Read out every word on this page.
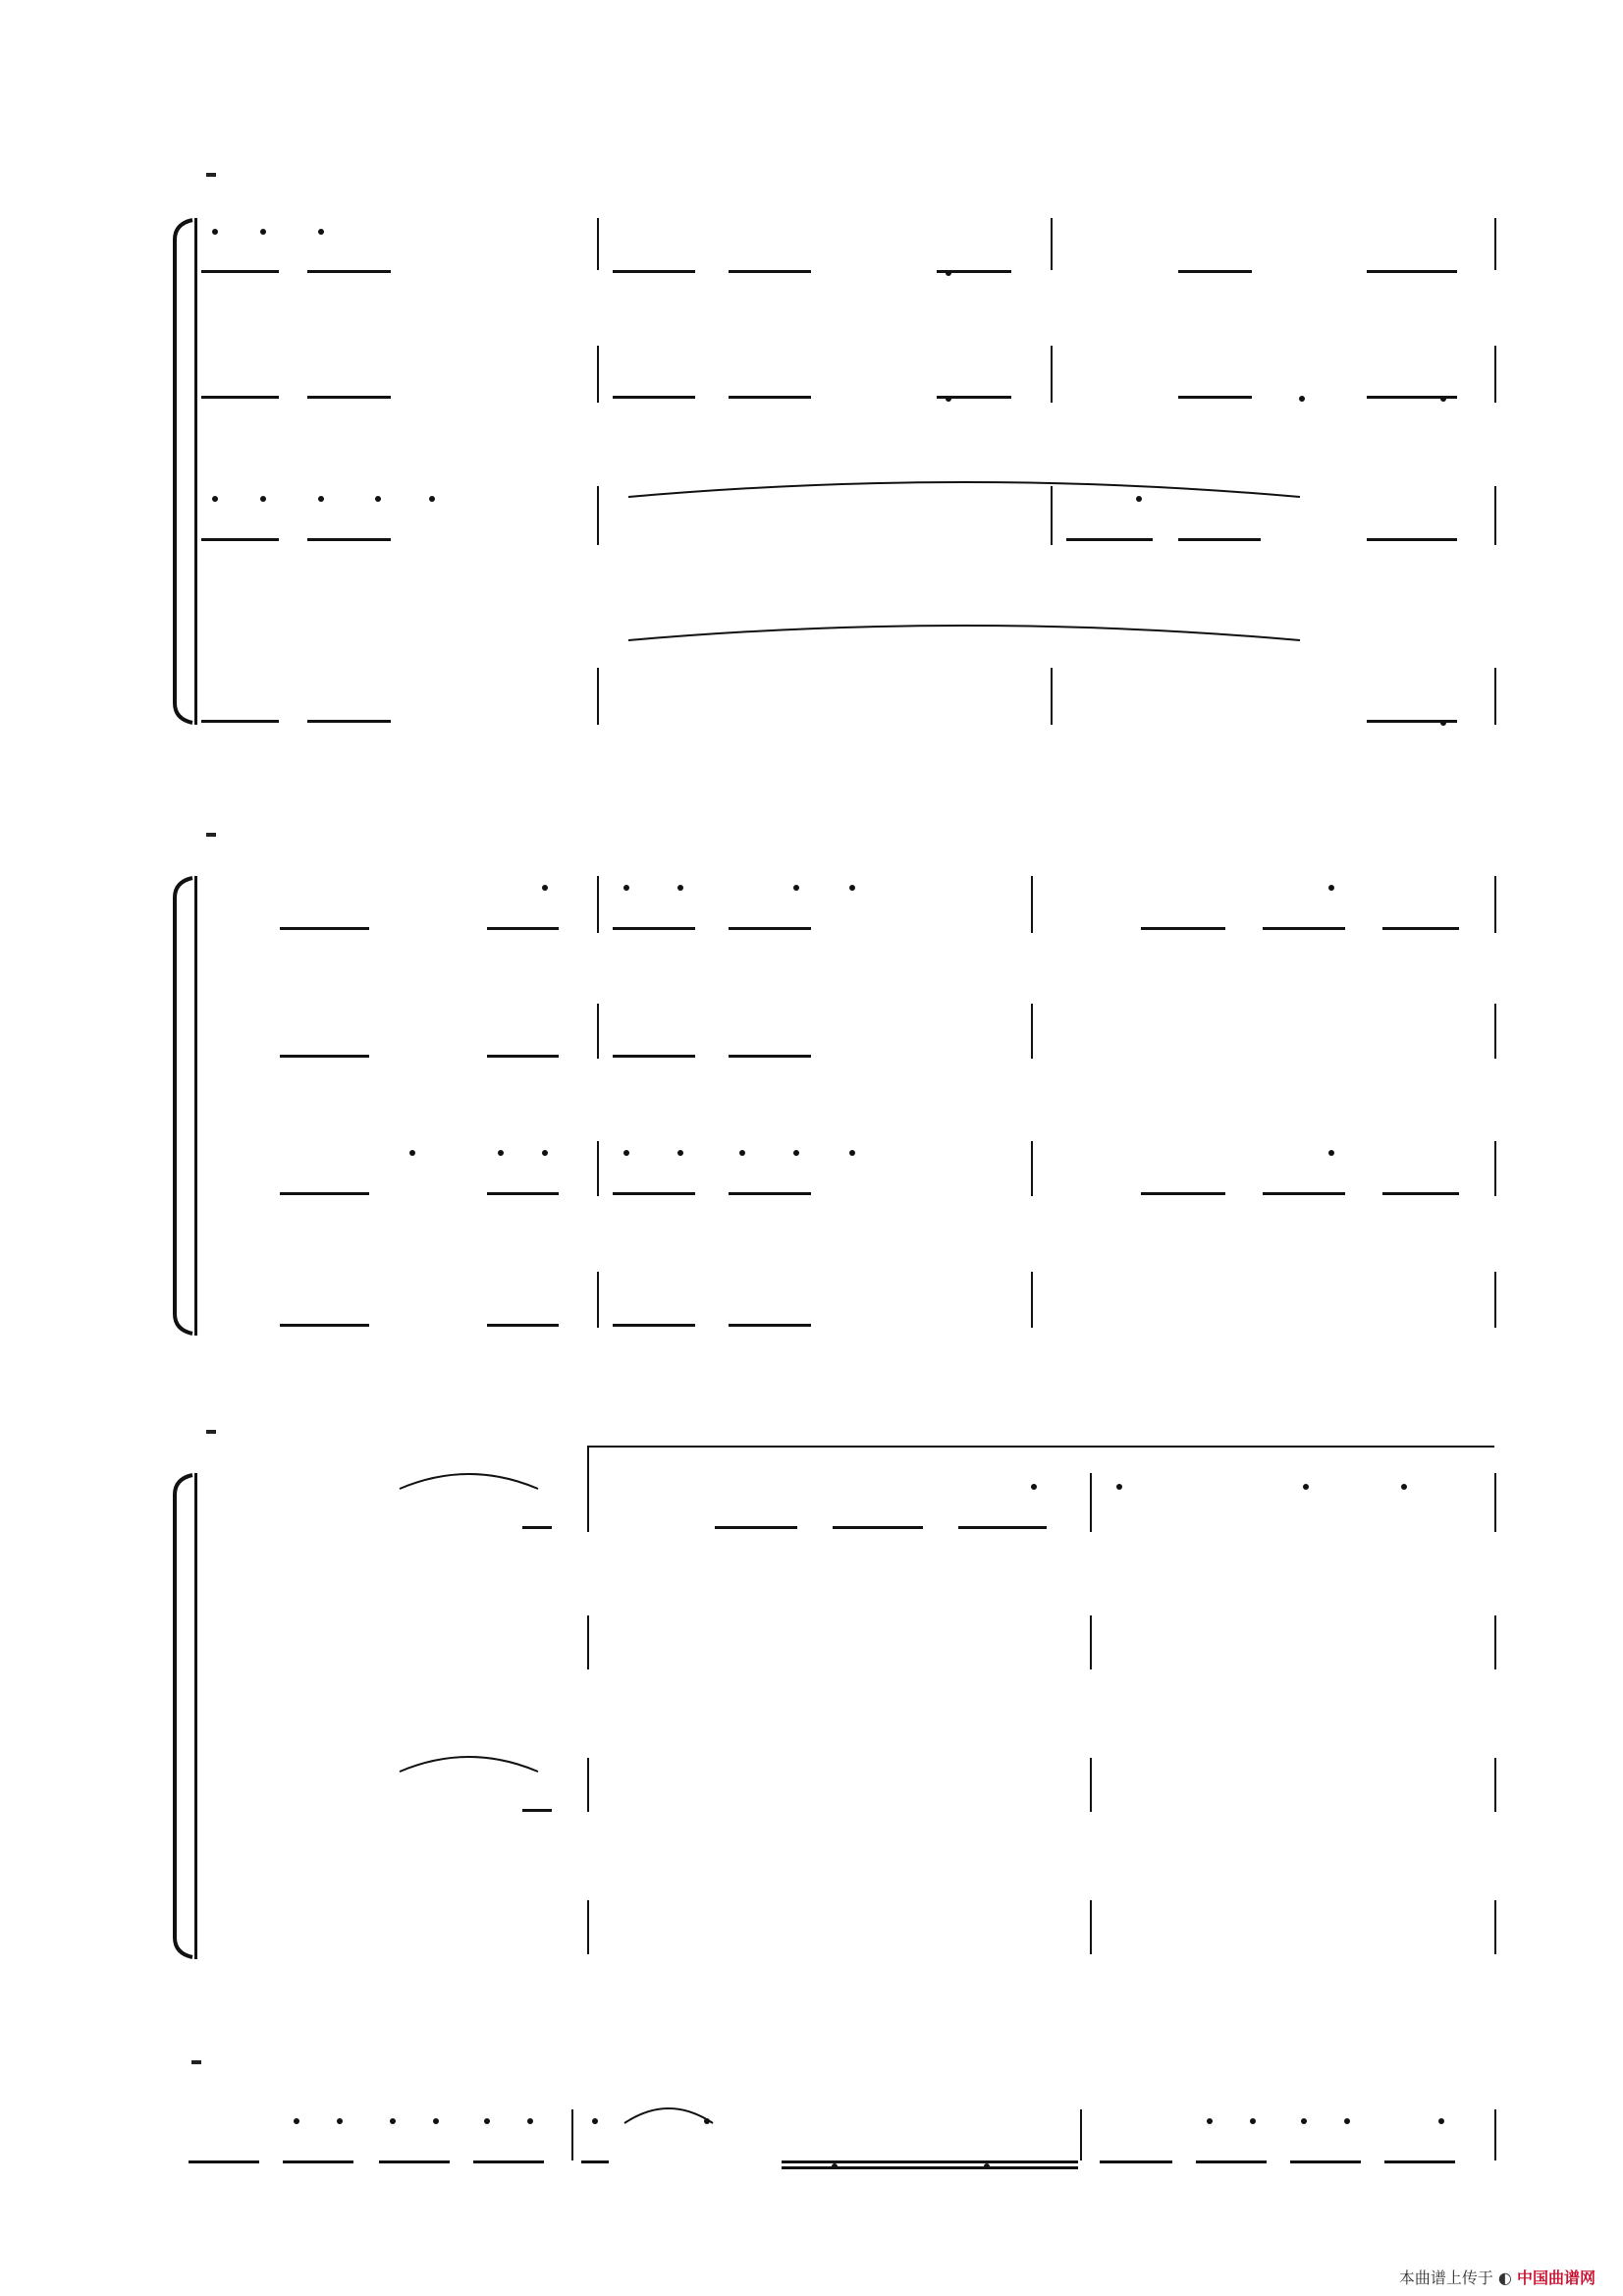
本曲谱上传于 ◐ 中国曲谱网
